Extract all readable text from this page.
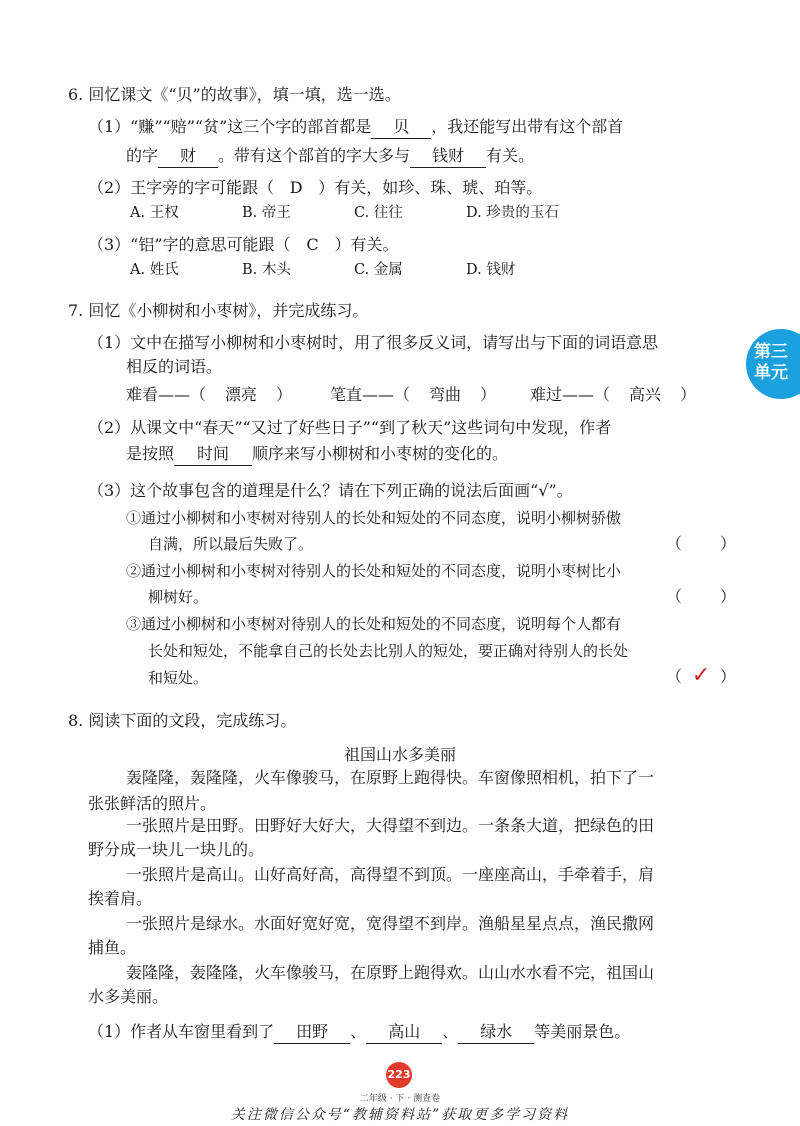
6. 回忆课文《“贝”的故事》，填一填，选一选。
（1）“赚”“赔”“贫”这三个字的部首都是 贝 ，我还能写出带有这个部首
的字 财 。带有这个部首的字大多与 钱财 有关。
（2）王字旁的字可能跟（ D ）有关，如珍、珠、琥、珀等。
A. 王权	B. 帝王	C. 往往	D. 珍贵的玉石
（3）“铝”字的意思可能跟（ C ）有关。
A. 姓氏	B. 木头	C. 金属	D. 钱财
7. 回忆《小柳树和小枣树》，并完成练习。
（1）文中在描写小柳树和小枣树时，用了很多反义词，请写出与下面的词语意思
相反的词语。
难看——（ 漂亮 ） 笔直——（ 弯曲 ） 难过——（ 高兴 ）
（2）从课文中“春天”“又过了好些日子”“到了秋天”这些词句中发现，作者
是按照 时间 顺序来写小柳树和小枣树的变化的。
（3）这个故事包含的道理是什么？请在下列正确的说法后面画“√”。
①通过小柳树和小枣树对待别人的长处和短处的不同态度，说明小柳树骄傲
自满，所以最后失败了。	（ ）
②通过小柳树和小枣树对待别人的长处和短处的不同态度，说明小枣树比小
柳树好。	（ ）
③通过小柳树和小枣树对待别人的长处和短处的不同态度，说明每个人都有
长处和短处，不能拿自己的长处去比别人的短处，要正确对待别人的长处
和短处。	（ ✓ ）
第三
单元
8. 阅读下面的文段，完成练习。
祖国山水多美丽
轰隆隆，轰隆隆，火车像骏马，在原野上跑得快。车窗像照相机，拍下了一
张张鲜活的照片。
一张照片是田野。田野好大好大，大得望不到边。一条条大道，把绿色的田
野分成一块儿一块儿的。
一张照片是高山。山好高好高，高得望不到顶。一座座高山，手牵着手，肩
挨着肩。
一张照片是绿水。水面好宽好宽，宽得望不到岸。渔船星星点点，渔民撒网
捕鱼。
轰隆隆，轰隆隆，火车像骏马，在原野上跑得欢。山山水水看不完，祖国山
水多美丽。
（1）作者从车窗里看到了 田野 、 高山 、 绿水 等美丽景色。
223
二年级 · 下 · 测查卷
关注微信公众号“教辅资料站”获取更多学习资料
